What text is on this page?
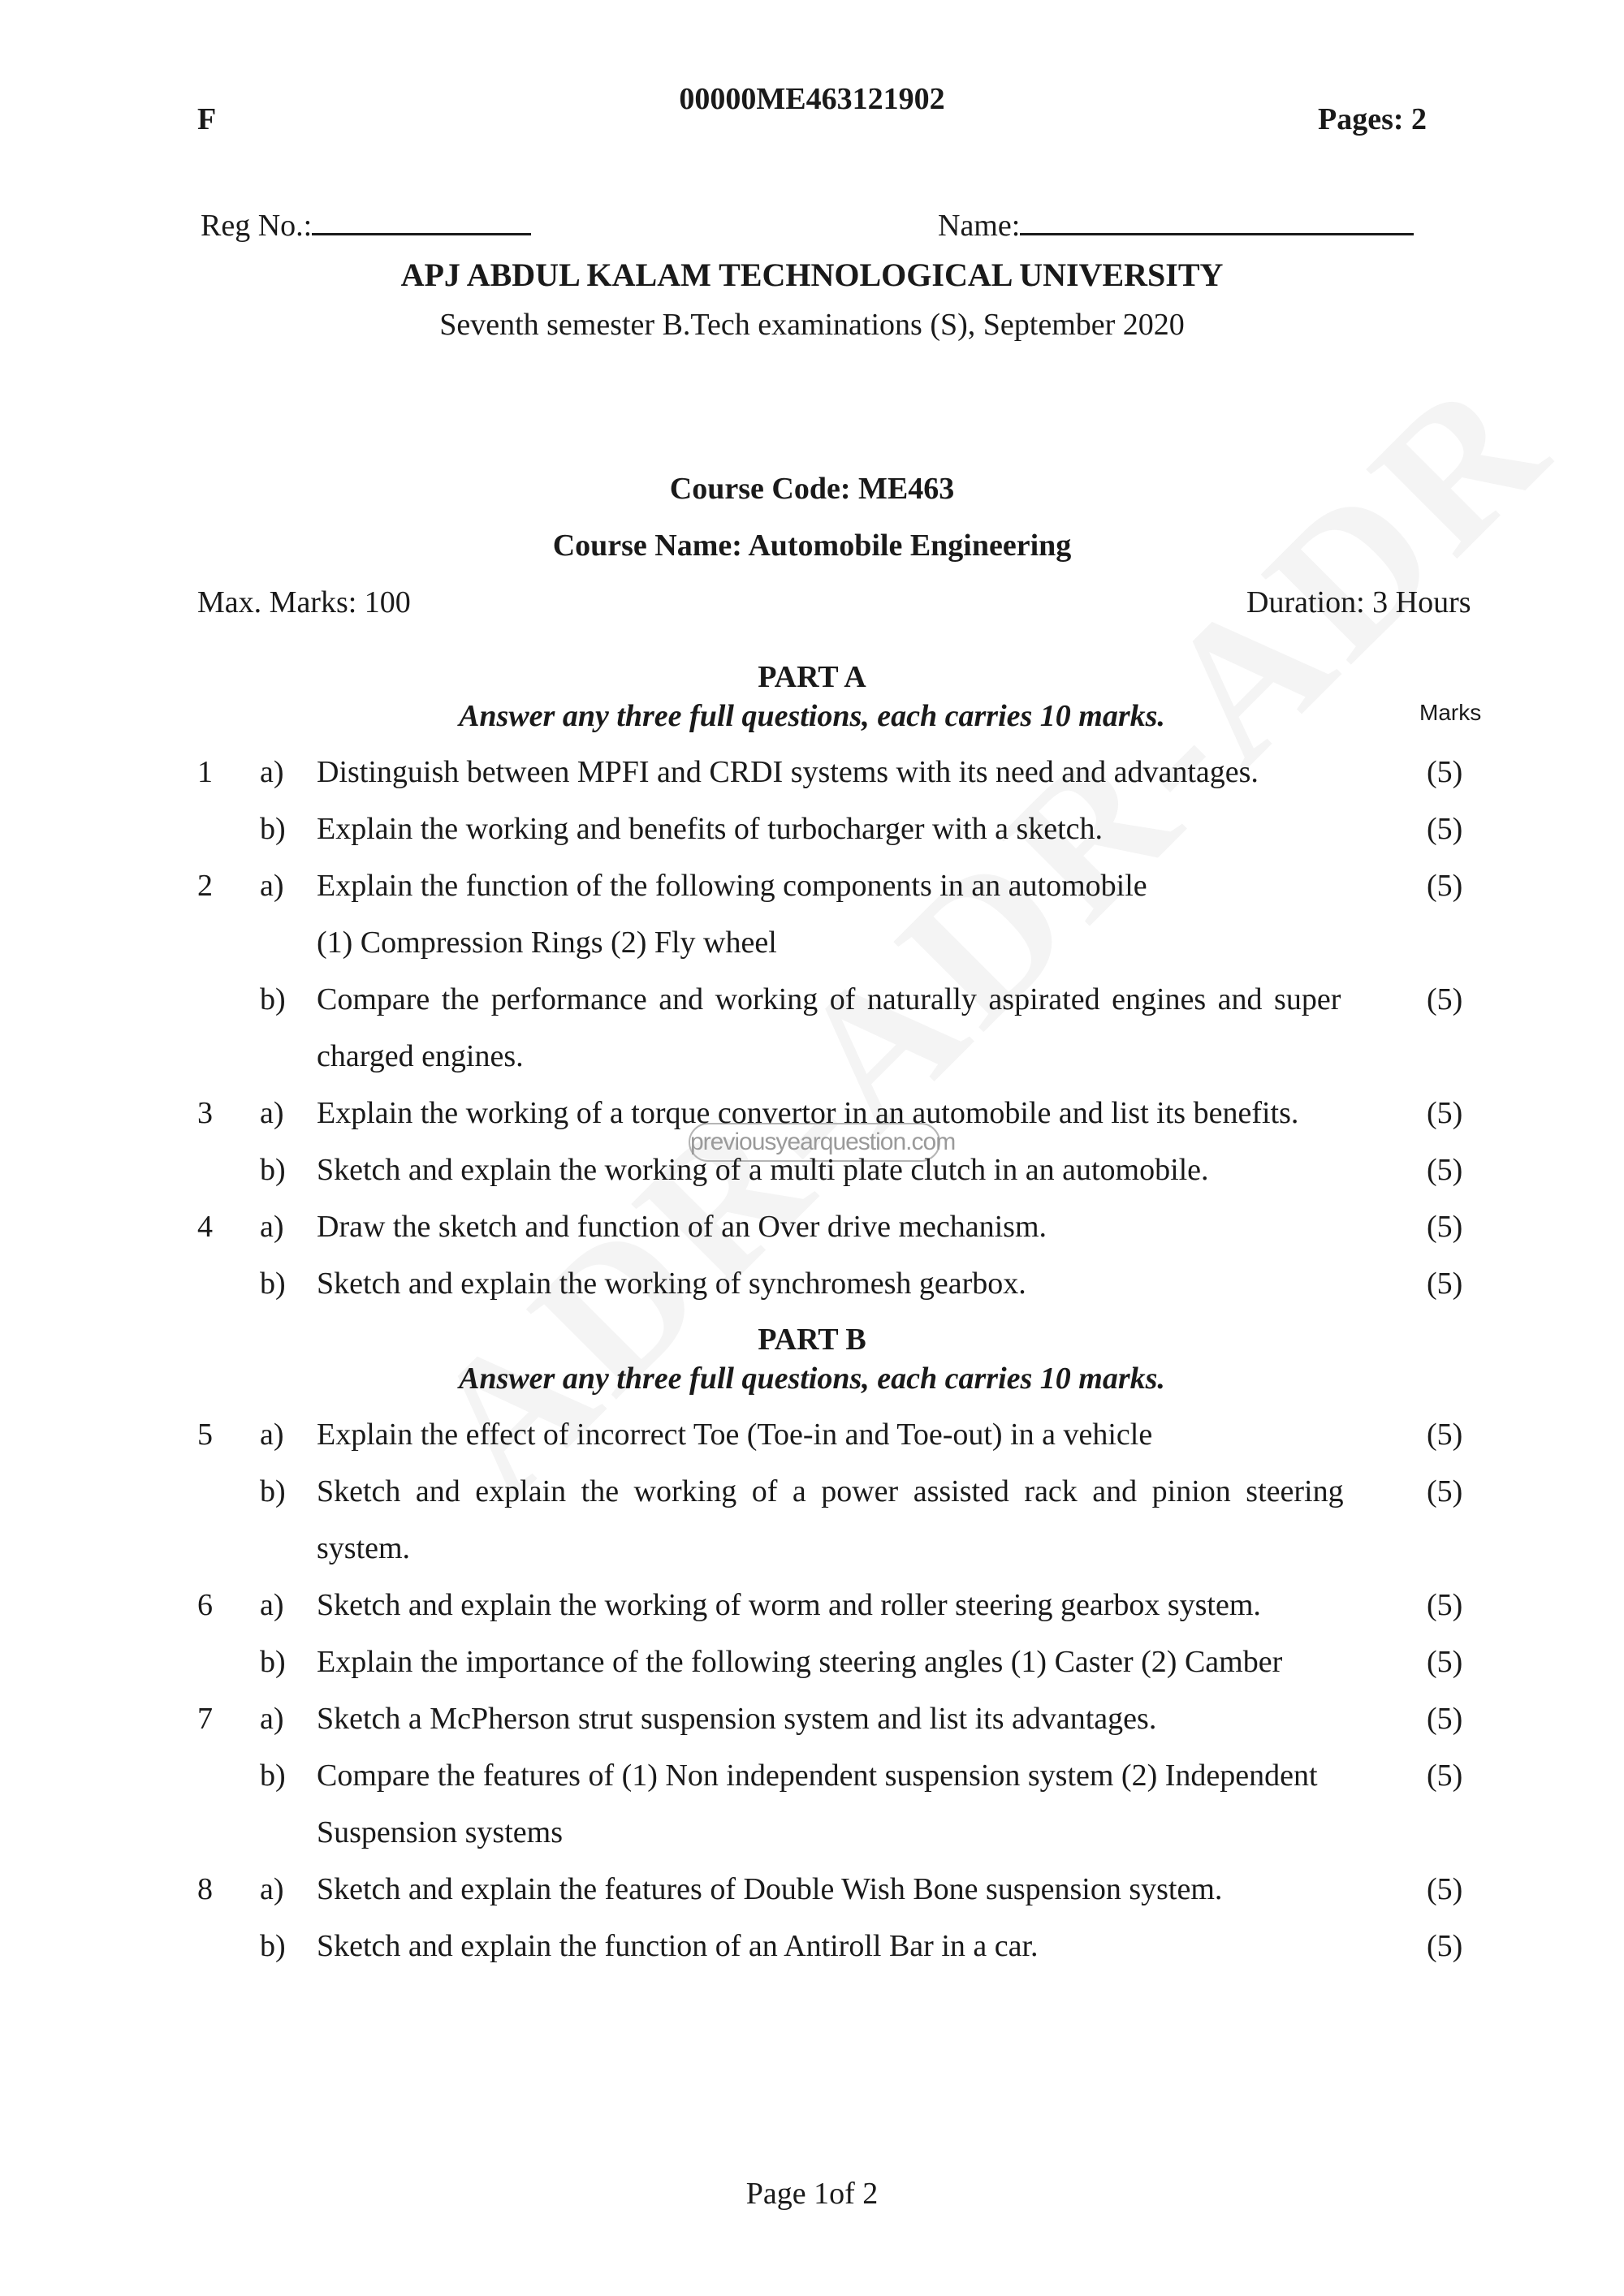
previousyearquestion.com
F
00000ME463121902
Pages: 2
Reg No.:	Name:
APJ ABDUL KALAM TECHNOLOGICAL UNIVERSITY
Seventh semester B.Tech examinations (S), September 2020
Course Code: ME463
Course Name: Automobile Engineering
Max. Marks: 100	Duration: 3 Hours
PART A
Answer any three full questions, each carries 10 marks.	Marks
1 a) Distinguish between MPFI and CRDI systems with its need and advantages.	(5)
b) Explain the working and benefits of turbocharger with a sketch.	(5)
2 a) Explain the function of the following components in an automobile	(5)
(1) Compression Rings (2) Fly wheel
b) Compare the performance and working of naturally aspirated engines and super	(5)
charged engines.
3 a) Explain the working of a torque convertor in an automobile and list its benefits.	(5)
b) Sketch and explain the working of a multi plate clutch in an automobile.	(5)
4 a) Draw the sketch and function of an Over drive mechanism.	(5)
b) Sketch and explain the working of synchromesh gearbox.	(5)
PART B
Answer any three full questions, each carries 10 marks.
5 a) Explain the effect of incorrect Toe (Toe-in and Toe-out) in a vehicle	(5)
b) Sketch and explain the working of a power assisted rack and pinion steering	(5)
system.
6 a) Sketch and explain the working of worm and roller steering gearbox system.	(5)
b) Explain the importance of the following steering angles (1) Caster (2) Camber	(5)
7 a) Sketch a McPherson strut suspension system and list its advantages.	(5)
b) Compare the features of (1) Non independent suspension system (2) Independent	(5)
Suspension systems
8 a) Sketch and explain the features of Double Wish Bone suspension system.	(5)
b) Sketch and explain the function of an Antiroll Bar in a car.	(5)
Page 1of 2
